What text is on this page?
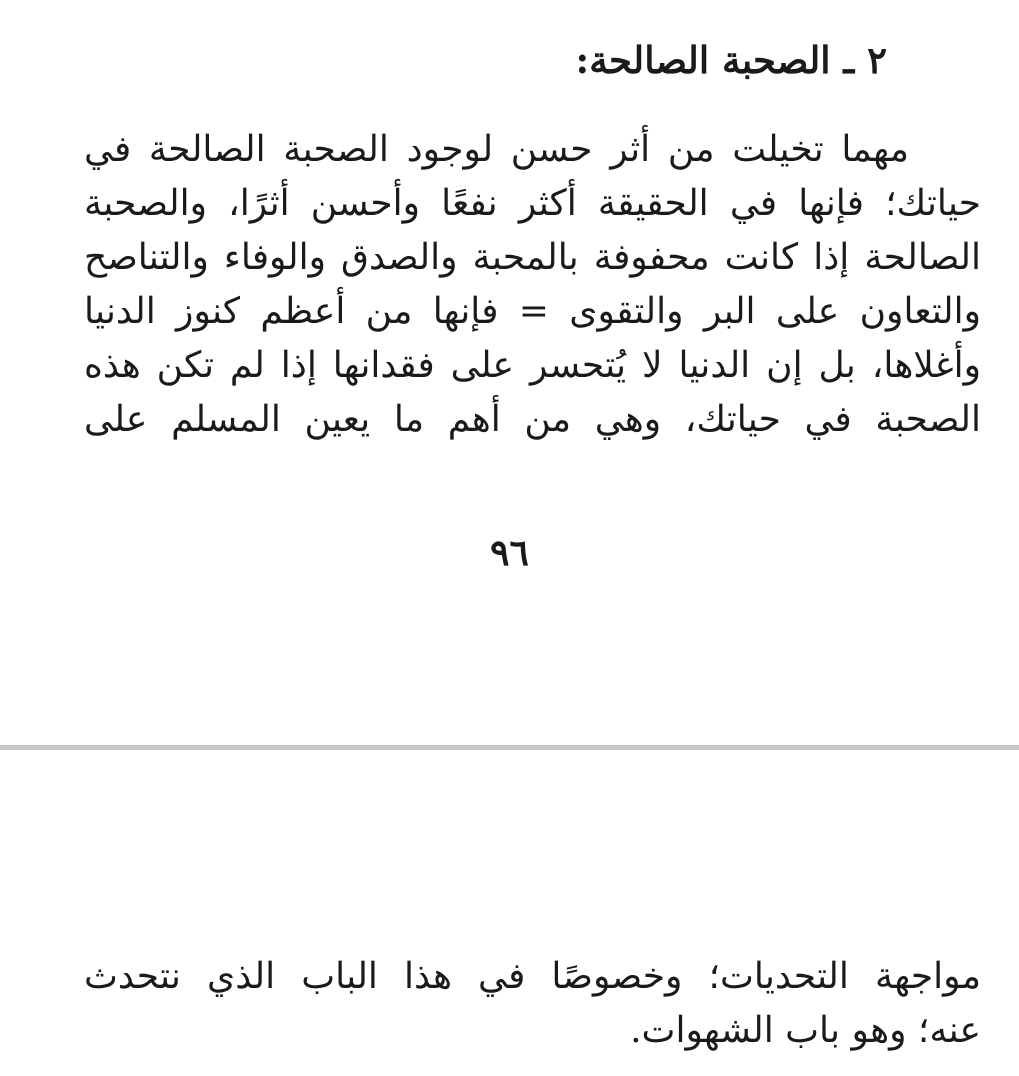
٢ ـ الصحبة الصالحة:

مهما تخيلت من أثر حسن لوجود الصحبة الصالحة في
حياتك؛ فإنها في الحقيقة أكثر نفعًا وأحسن أثرًا، والصحبة
الصالحة إذا كانت محفوفة بالمحبة والصدق والوفاء والتناصح
والتعاون على البر والتقوى = فإنها من أعظم كنوز الدنيا
وأغلاها، بل إن الدنيا لا يُتحسر على فقدانها إذا لم تكن هذه
الصحبة في حياتك، وهي من أهم ما يعين المسلم على

٩٦

مواجهة التحديات؛ وخصوصًا في هذا الباب الذي نتحدث
عنه؛ وهو باب الشهوات.
